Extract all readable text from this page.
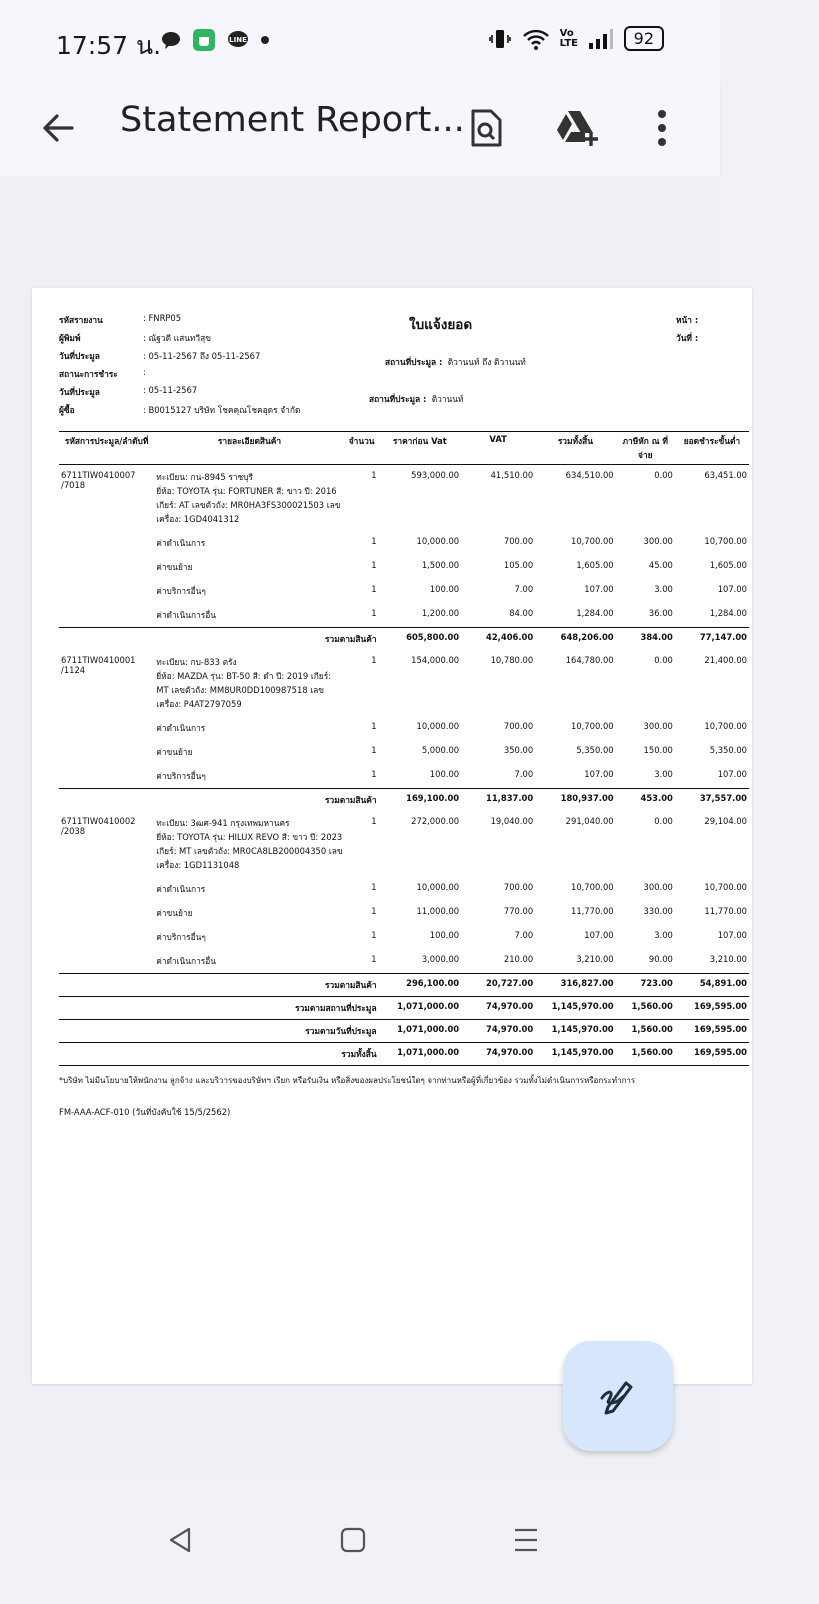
17:57 น.	LINE
Vo LTE	92
Statement Report...
ใบแจ้งยอด
รหัสรายงาน	: FNRP05	หน้า :
ผู้พิมพ์	: ณัฐวดี แสนทวีสุข	วันที่ :
วันที่ประมูล	: 05-11-2567 ถึง 05-11-2567
สถานที่ประมูล : ติวานนท์ ถึง ติวานนท์
สถานะการชำระ	:
วันที่ประมูล	: 05-11-2567
สถานที่ประมูล : ติวานนท์
ผู้ซื้อ	: B0015127 บริษัท โชคคุณโชคอุดร จำกัด
รหัสการประมูล/ลำดับที่	รายละเอียดสินค้า	จำนวน	ราคาก่อน Vat	VAT	รวมทั้งสิ้น	ภาษีหัก ณ ที่จ่าย	ยอดชำระขั้นต่ำ
6711TIW0410007
/7018	ทะเบียน: กน-8945 ราชบุรี
ยี่ห้อ: TOYOTA รุ่น: FORTUNER สี: ขาว ปี: 2016 เกียร์: AT เลขตัวถัง: MR0HA3FS300021503 เลขเครื่อง: 1GD4041312	1	593,000.00	41,510.00	634,510.00	0.00	63,451.00
	ค่าดำเนินการ	1	10,000.00	700.00	10,700.00	300.00	10,700.00
	ค่าขนย้าย	1	1,500.00	105.00	1,605.00	45.00	1,605.00
	ค่าบริการอื่นๆ	1	100.00	7.00	107.00	3.00	107.00
	ค่าดำเนินการอื่น	1	1,200.00	84.00	1,284.00	36.00	1,284.00
รวมตามสินค้า			605,800.00	42,406.00	648,206.00	384.00	77,147.00
6711TIW0410001
/1124	ทะเบียน: กบ-833 ตรัง
ยี่ห้อ: MAZDA รุ่น: BT-50 สี: ดำ ปี: 2019 เกียร์: MT เลขตัวถัง: MM8UR0DD100987518 เลขเครื่อง: P4AT2797059	1	154,000.00	10,780.00	164,780.00	0.00	21,400.00
	ค่าดำเนินการ	1	10,000.00	700.00	10,700.00	300.00	10,700.00
	ค่าขนย้าย	1	5,000.00	350.00	5,350.00	150.00	5,350.00
	ค่าบริการอื่นๆ	1	100.00	7.00	107.00	3.00	107.00
รวมตามสินค้า			169,100.00	11,837.00	180,937.00	453.00	37,557.00
6711TIW0410002
/2038	ทะเบียน: 3ฒศ-941 กรุงเทพมหานคร
ยี่ห้อ: TOYOTA รุ่น: HILUX REVO สี: ขาว ปี: 2023 เกียร์: MT เลขตัวถัง: MR0CA8LB200004350 เลขเครื่อง: 1GD1131048	1	272,000.00	19,040.00	291,040.00	0.00	29,104.00
	ค่าดำเนินการ	1	10,000.00	700.00	10,700.00	300.00	10,700.00
	ค่าขนย้าย	1	11,000.00	770.00	11,770.00	330.00	11,770.00
	ค่าบริการอื่นๆ	1	100.00	7.00	107.00	3.00	107.00
	ค่าดำเนินการอื่น	1	3,000.00	210.00	3,210.00	90.00	3,210.00
รวมตามสินค้า			296,100.00	20,727.00	316,827.00	723.00	54,891.00
รวมตามสถานที่ประมูล			1,071,000.00	74,970.00	1,145,970.00	1,560.00	169,595.00
รวมตามวันที่ประมูล			1,071,000.00	74,970.00	1,145,970.00	1,560.00	169,595.00
รวมทั้งสิ้น			1,071,000.00	74,970.00	1,145,970.00	1,560.00	169,595.00
*บริษัท ไม่มีนโยบายให้พนักงาน ลูกจ้าง และบริวารของบริษัทฯ เรียก หรือรับเงิน หรือสิ่งของผลประโยชน์ใดๆ จากท่านหรือผู้ที่เกี่ยวข้อง รวมทั้งไม่ดำเนินการหรือกระทำการ
FM-AAA-ACF-010 (วันที่บังคับใช้ 15/5/2562)
